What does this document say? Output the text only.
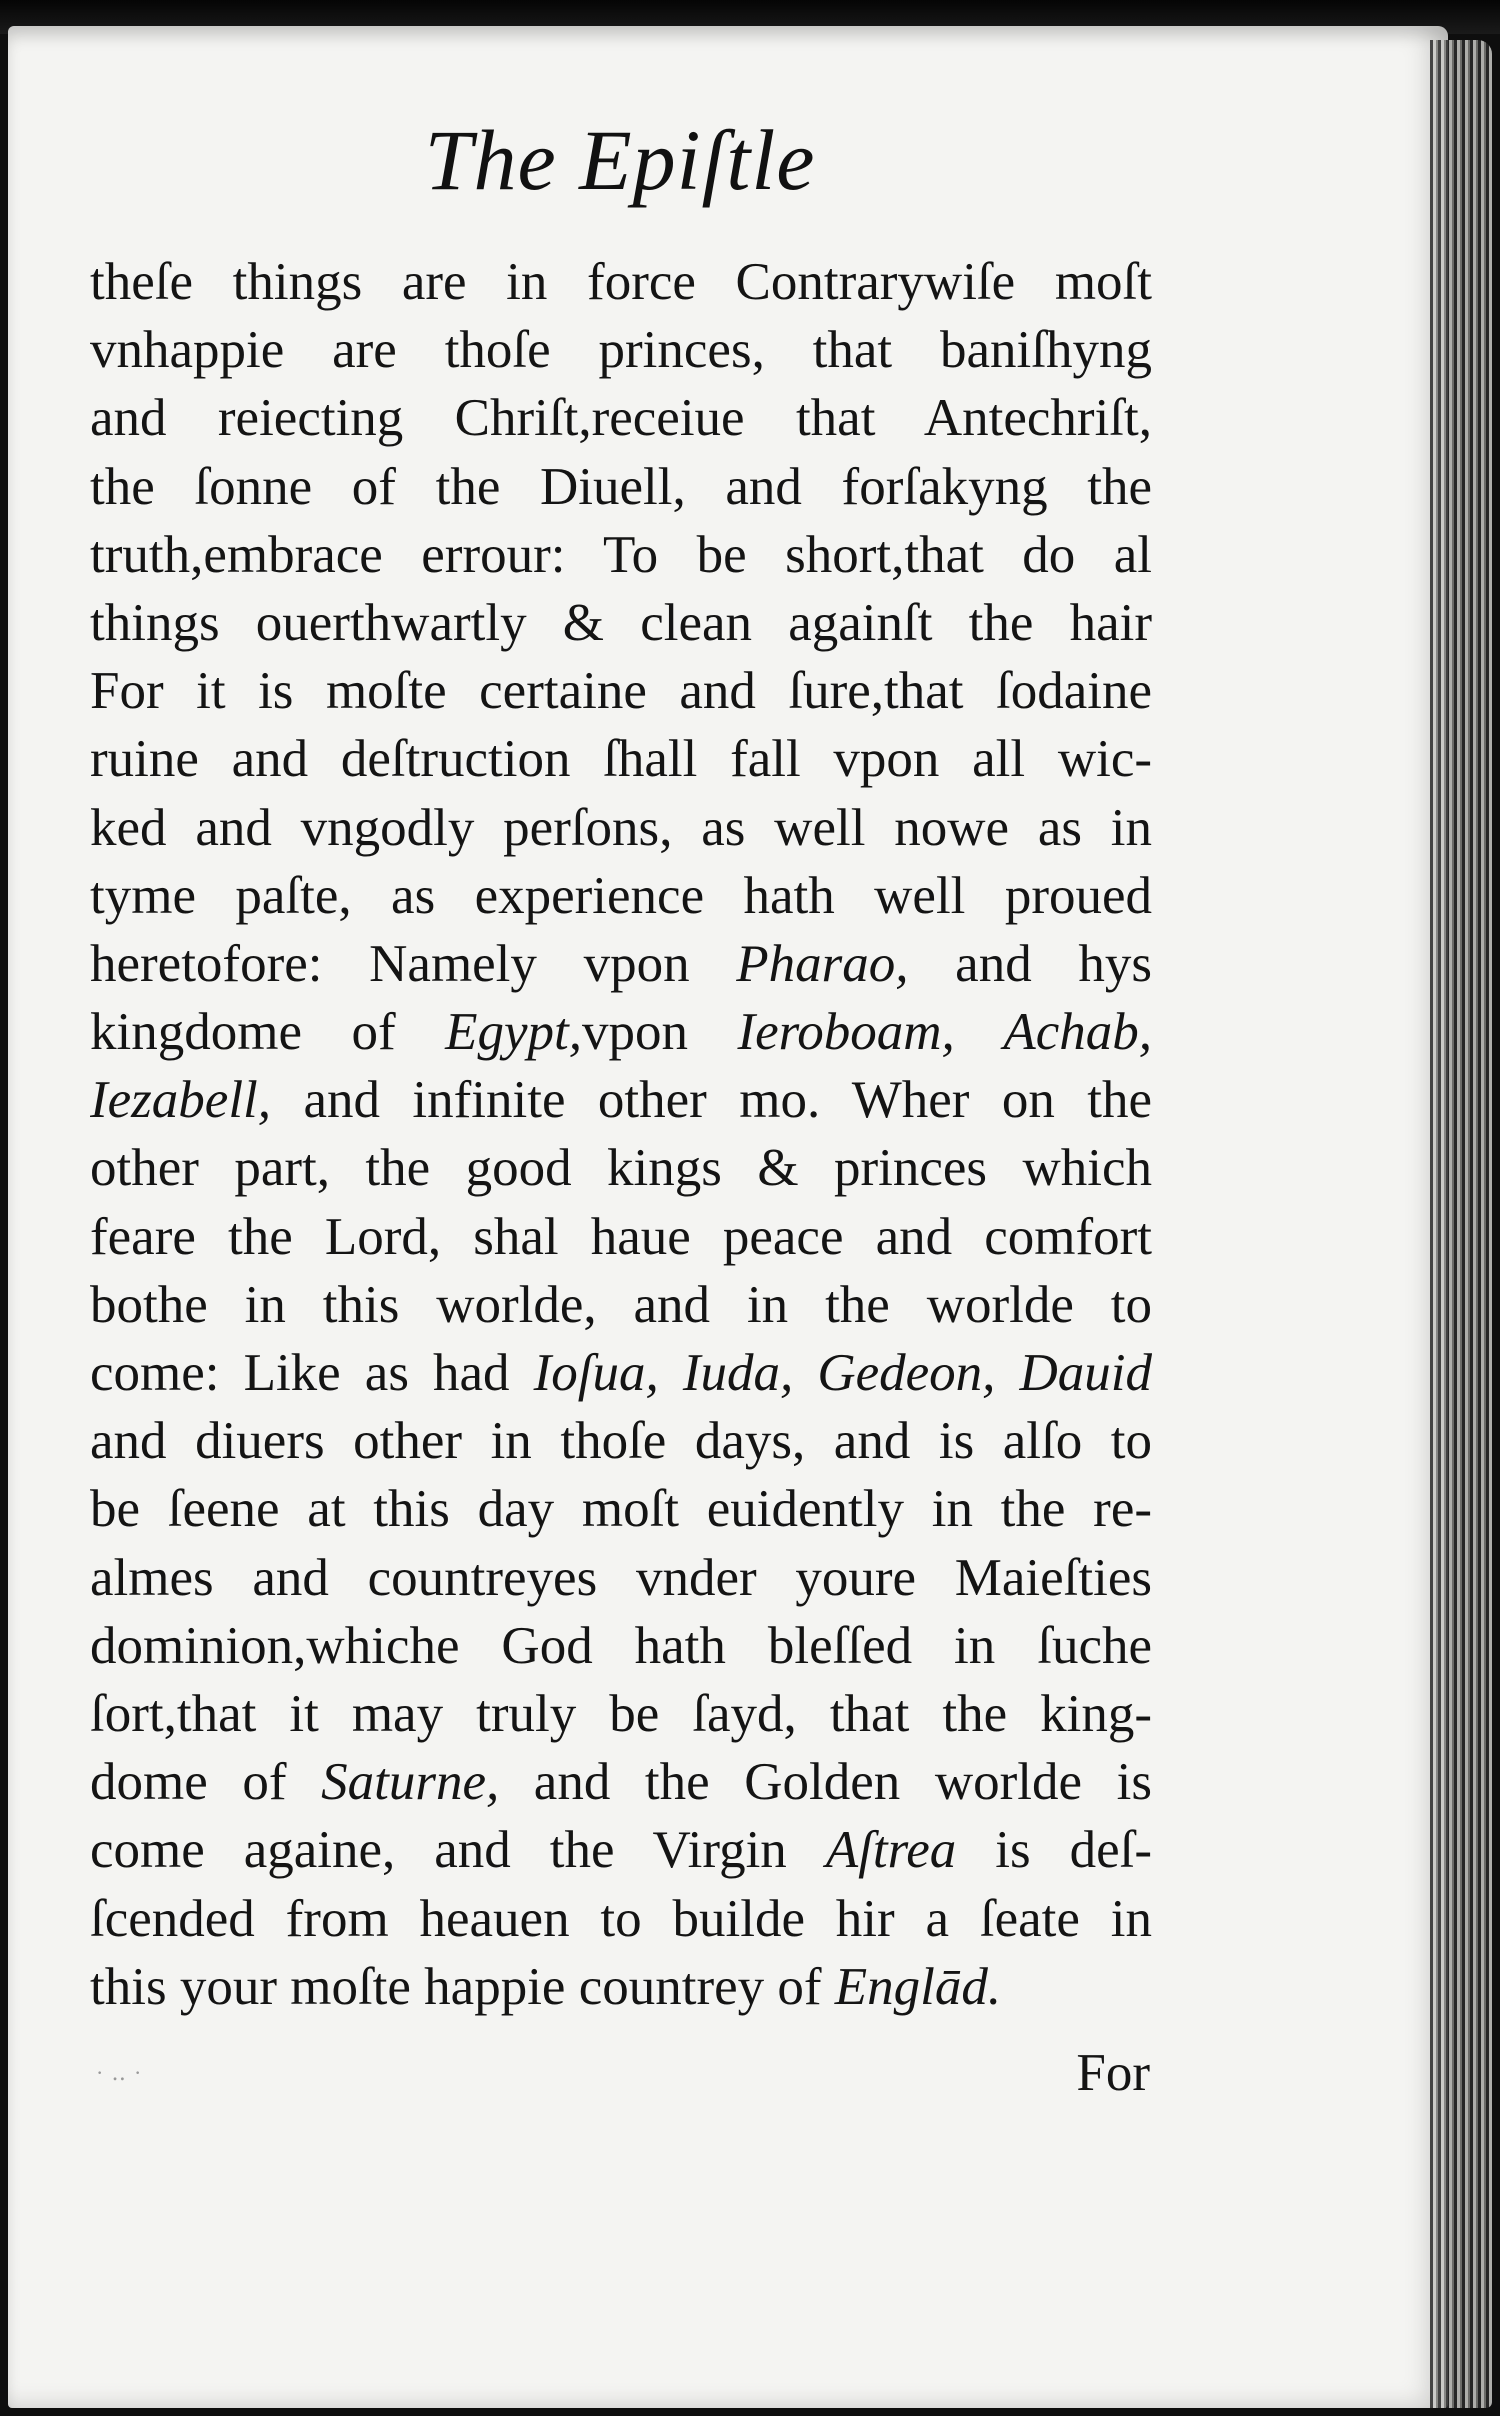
The Epiſtle
theſe things are in force Contrarywiſe moſt
vnhappie are thoſe princes, that baniſhyng
and reiecting Chriſt,receiue that Antechriſt,
the ſonne of the Diuell, and forſakyng the
truth,embrace errour: To be short,that do al
things ouerthwartly & clean againſt the hair
For it is moſte certaine and ſure,that ſodaine
ruine and deſtruction ſhall fall vpon all wic-
ked and vngodly perſons, as well nowe as in
tyme paſte, as experience hath well proued
heretofore: Namely vpon Pharao, and hys
kingdome of Egypt,vpon Ieroboam, Achab,
Iezabell, and infinite other mo. Wher on the
other part, the good kings & princes which
feare the Lord, shal haue peace and comfort
bothe in this worlde, and in the worlde to
come: Like as had Ioſua, Iuda, Gedeon, Dauid
and diuers other in thoſe days, and is alſo to
be ſeene at this day moſt euidently in the re-
almes and countreyes vnder youre Maieſties
dominion,whiche God hath bleſſed in ſuche
ſort,that it may truly be ſayd, that the king-
dome of Saturne, and the Golden worlde is
come againe, and the Virgin Aſtrea is deſ-
ſcended from heauen to builde hir a ſeate in
this your moſte happie countrey of Englād.
·‥·	For
